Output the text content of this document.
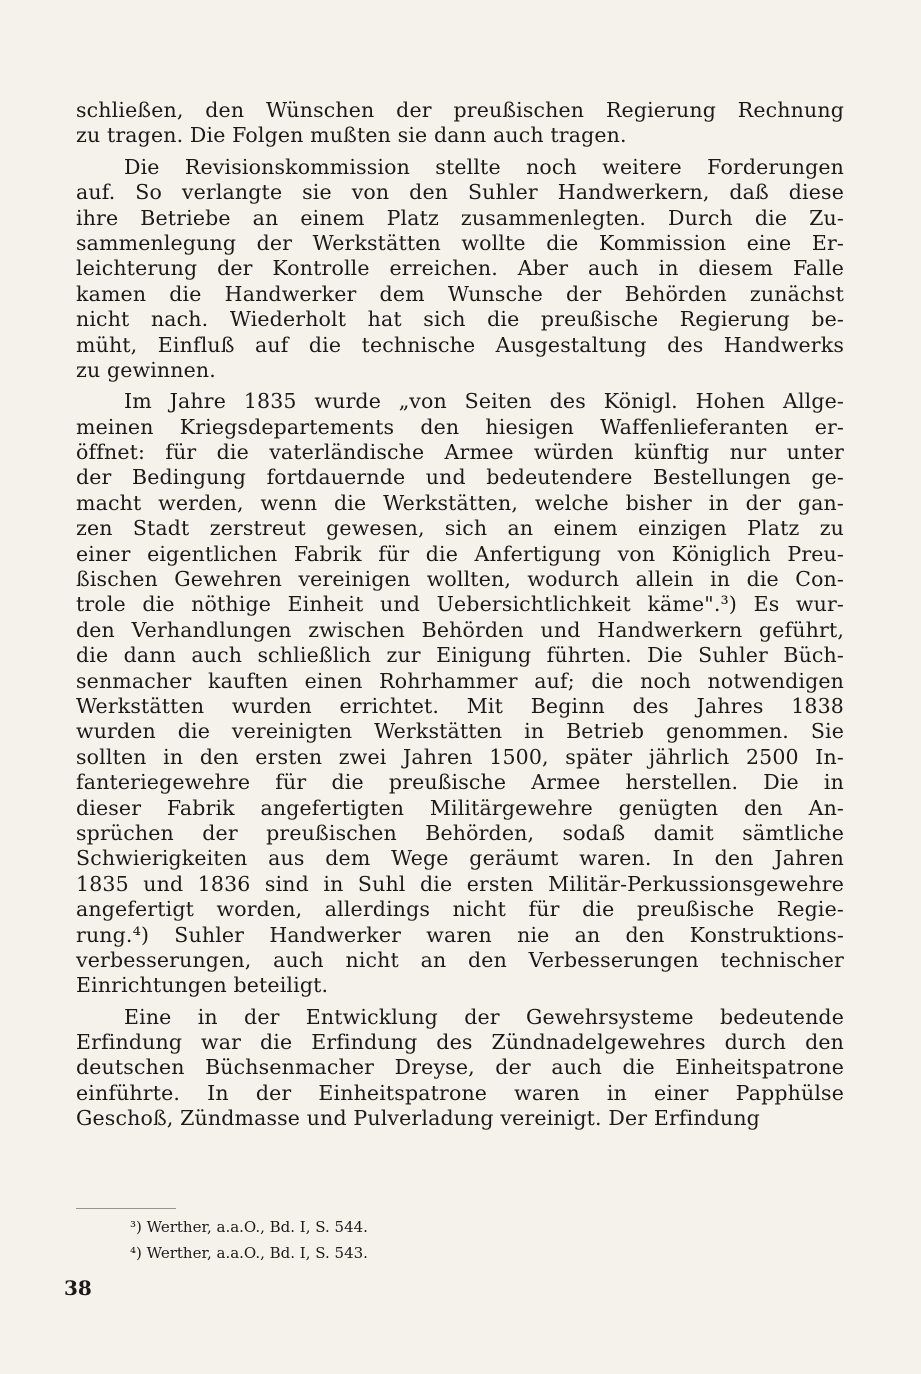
schließen, den Wünschen der preußischen Regierung Rechnung
zu tragen. Die Folgen mußten sie dann auch tragen.
Die Revisionskommission stellte noch weitere Forderungen
auf. So verlangte sie von den Suhler Handwerkern, daß diese
ihre Betriebe an einem Platz zusammenlegten. Durch die Zu-
sammenlegung der Werkstätten wollte die Kommission eine Er-
leichterung der Kontrolle erreichen. Aber auch in diesem Falle
kamen die Handwerker dem Wunsche der Behörden zunächst
nicht nach. Wiederholt hat sich die preußische Regierung be-
müht, Einfluß auf die technische Ausgestaltung des Handwerks
zu gewinnen.
Im Jahre 1835 wurde „von Seiten des Königl. Hohen Allge-
meinen Kriegsdepartements den hiesigen Waffenlieferanten er-
öffnet: für die vaterländische Armee würden künftig nur unter
der Bedingung fortdauernde und bedeutendere Bestellungen ge-
macht werden, wenn die Werkstätten, welche bisher in der gan-
zen Stadt zerstreut gewesen, sich an einem einzigen Platz zu
einer eigentlichen Fabrik für die Anfertigung von Königlich Preu-
ßischen Gewehren vereinigen wollten, wodurch allein in die Con-
trole die nöthige Einheit und Uebersichtlichkeit käme".³) Es wur-
den Verhandlungen zwischen Behörden und Handwerkern geführt,
die dann auch schließlich zur Einigung führten. Die Suhler Büch-
senmacher kauften einen Rohrhammer auf; die noch notwendigen
Werkstätten wurden errichtet. Mit Beginn des Jahres 1838
wurden die vereinigten Werkstätten in Betrieb genommen. Sie
sollten in den ersten zwei Jahren 1500, später jährlich 2500 In-
fanteriegewehre für die preußische Armee herstellen. Die in
dieser Fabrik angefertigten Militärgewehre genügten den An-
sprüchen der preußischen Behörden, sodaß damit sämtliche
Schwierigkeiten aus dem Wege geräumt waren. In den Jahren
1835 und 1836 sind in Suhl die ersten Militär-Perkussionsgewehre
angefertigt worden, allerdings nicht für die preußische Regie-
rung.⁴) Suhler Handwerker waren nie an den Konstruktions-
verbesserungen, auch nicht an den Verbesserungen technischer
Einrichtungen beteiligt.
Eine in der Entwicklung der Gewehrsysteme bedeutende
Erfindung war die Erfindung des Zündnadelgewehres durch den
deutschen Büchsenmacher Dreyse, der auch die Einheitspatrone
einführte. In der Einheitspatrone waren in einer Papphülse
Geschoß, Zündmasse und Pulverladung vereinigt. Der Erfindung
³) Werther, a.a.O., Bd. I, S. 544.
⁴) Werther, a.a.O., Bd. I, S. 543.
38
